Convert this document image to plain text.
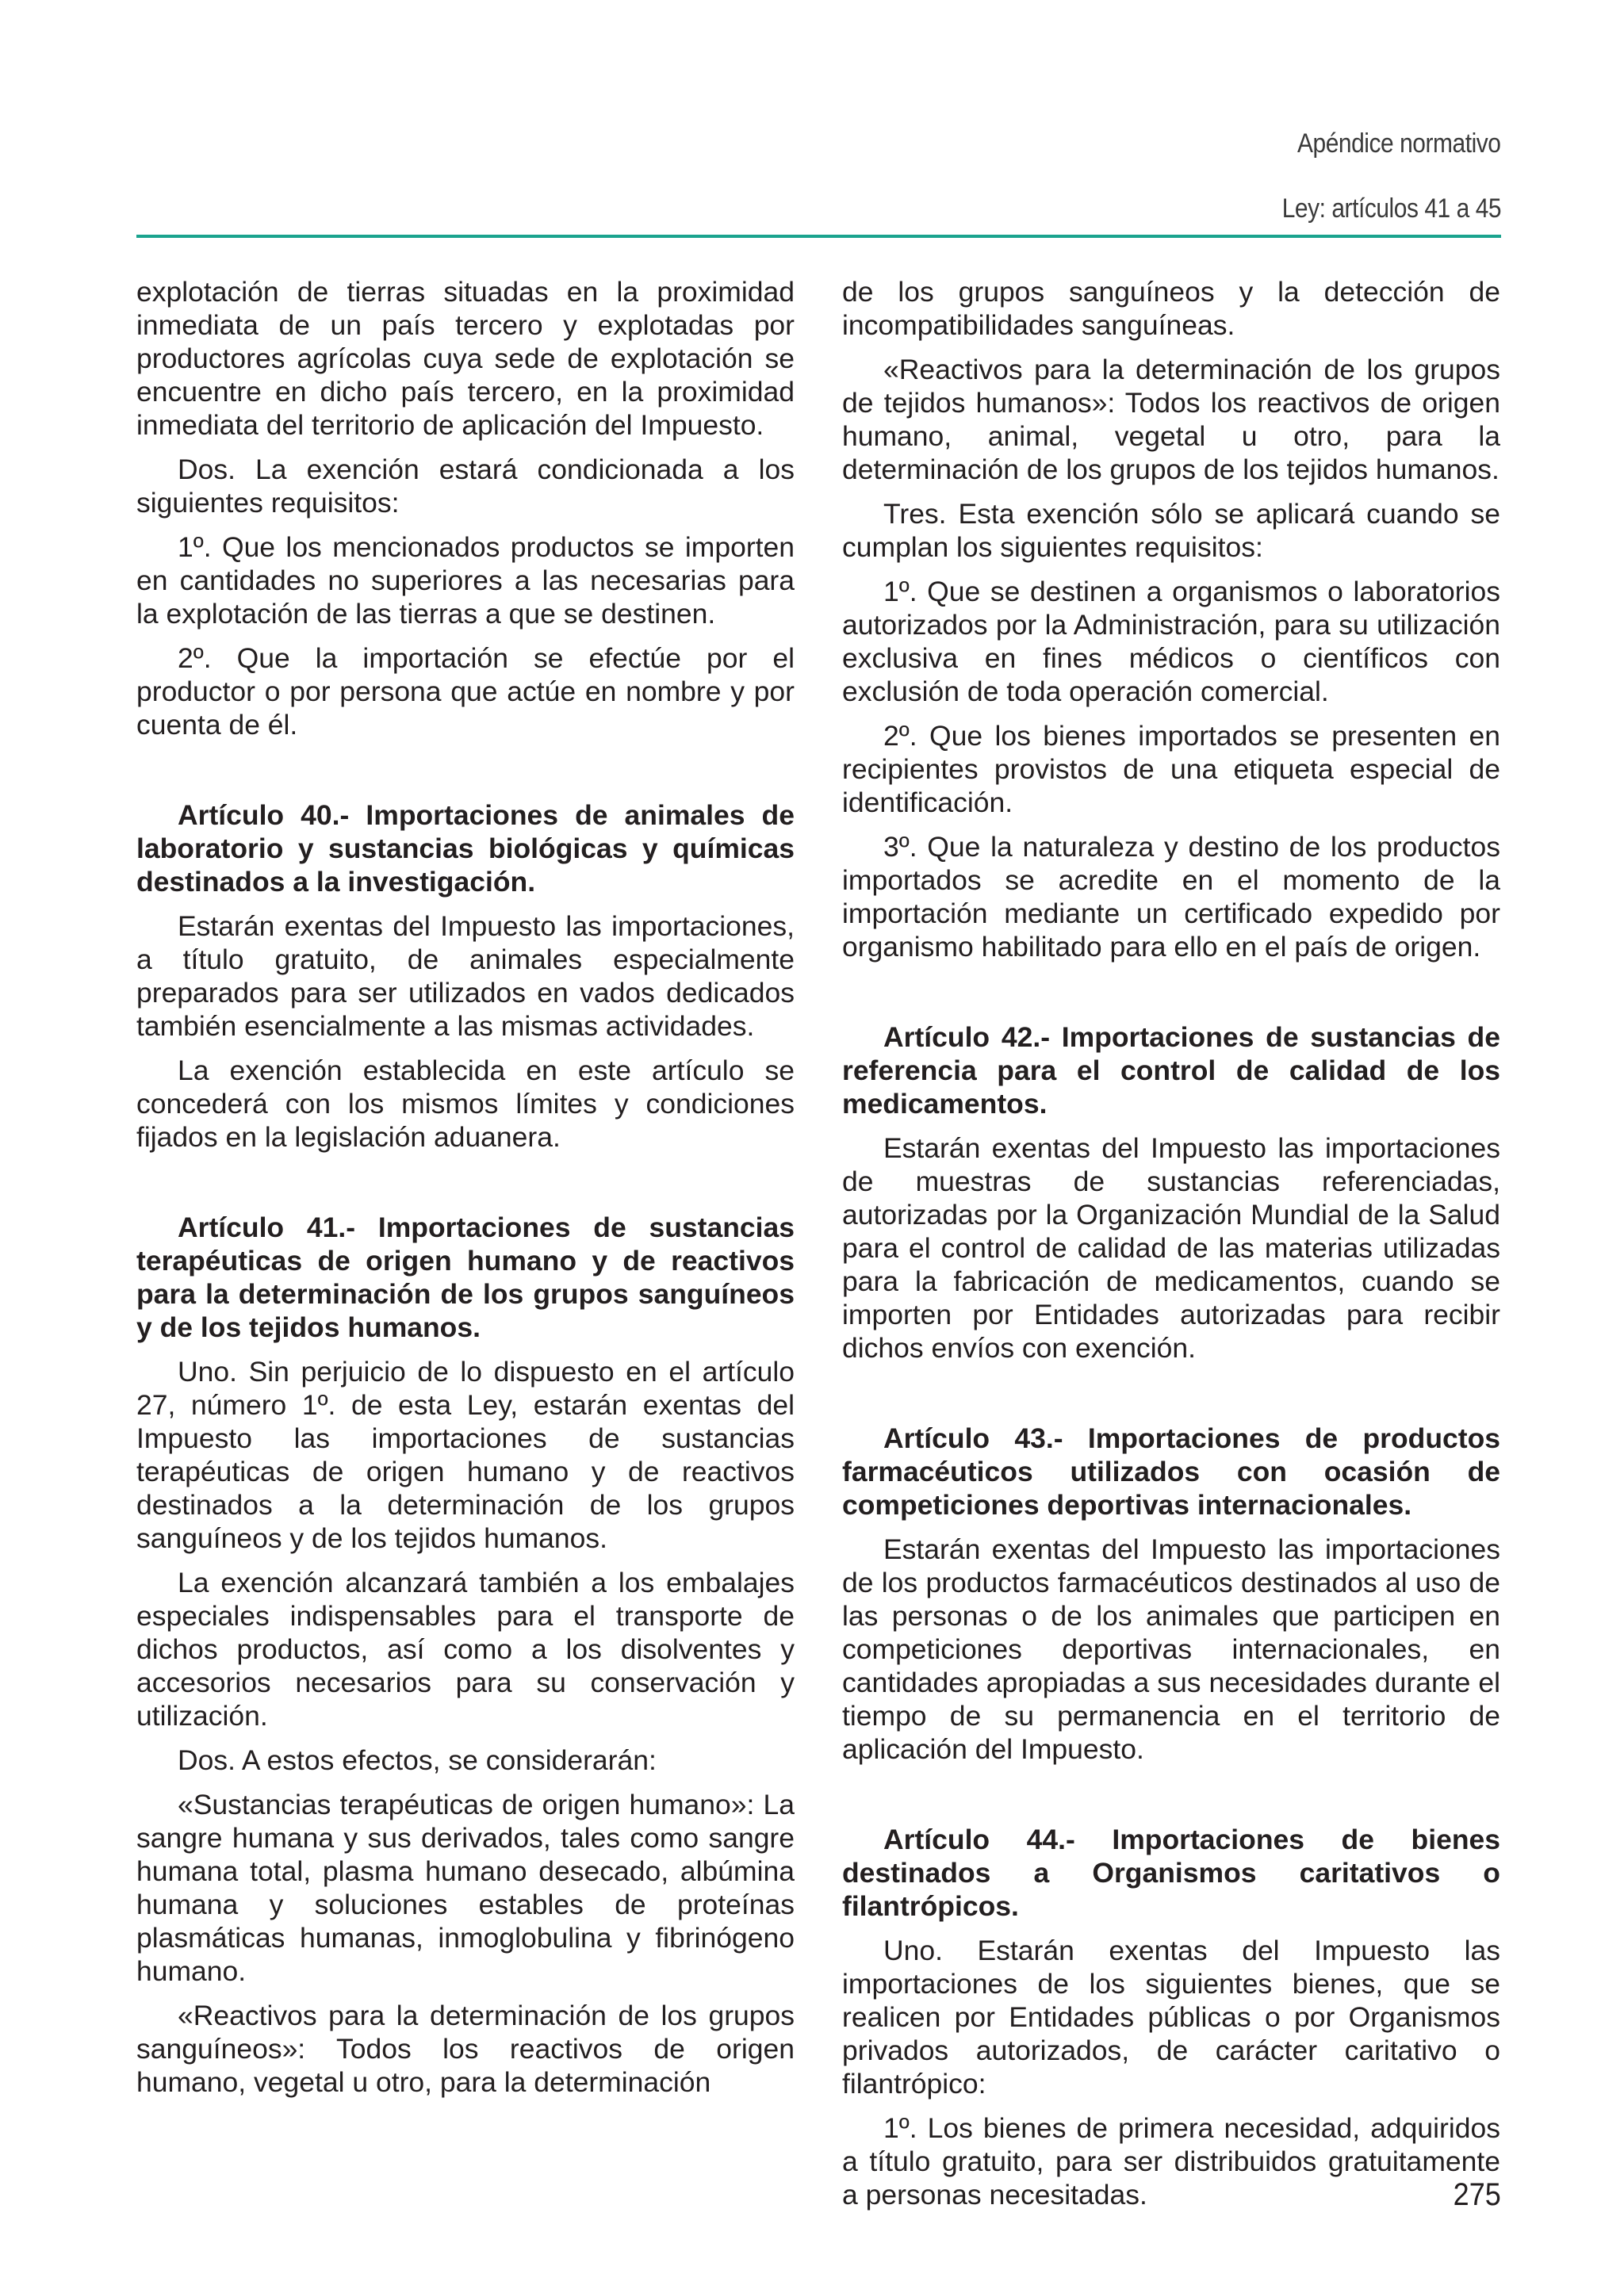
Apéndice normativo
Ley: artículos 41 a 45

explotación de tierras situadas en la proximidad inmediata de un país tercero y explotadas por productores agrícolas cuya sede de explotación se encuentre en dicho país tercero, en la proximidad inmediata del territorio de aplicación del Impuesto.

Dos. La exención estará condicionada a los siguientes requisitos:

1º. Que los mencionados productos se importen en cantidades no superiores a las necesarias para la explotación de las tierras a que se destinen.

2º. Que la importación se efectúe por el productor o por persona que actúe en nombre y por cuenta de él.

Artículo 40.- Importaciones de animales de laboratorio y sustancias biológicas y químicas destinados a la investigación.

Estarán exentas del Impuesto las importaciones, a título gratuito, de animales especialmente preparados para ser utilizados en vados dedicados también esencialmente a las mismas actividades.

La exención establecida en este artículo se concederá con los mismos límites y condiciones fijados en la legislación aduanera.

Artículo 41.- Importaciones de sustancias terapéuticas de origen humano y de reactivos para la determinación de los grupos sanguíneos y de los tejidos humanos.

Uno. Sin perjuicio de lo dispuesto en el artículo 27, número 1º. de esta Ley, estarán exentas del Impuesto las importaciones de sustancias terapéuticas de origen humano y de reactivos destinados a la determinación de los grupos sanguíneos y de los tejidos humanos.

La exención alcanzará también a los embalajes especiales indispensables para el transporte de dichos productos, así como a los disolventes y accesorios necesarios para su conservación y utilización.

Dos. A estos efectos, se considerarán:

«Sustancias terapéuticas de origen humano»: La sangre humana y sus derivados, tales como sangre humana total, plasma humano desecado, albúmina humana y soluciones estables de proteínas plasmáticas humanas, inmoglobulina y fibrinógeno humano.

«Reactivos para la determinación de los grupos sanguíneos»: Todos los reactivos de origen humano, vegetal u otro, para la determinación

de los grupos sanguíneos y la detección de incompatibilidades sanguíneas.

«Reactivos para la determinación de los grupos de tejidos humanos»: Todos los reactivos de origen humano, animal, vegetal u otro, para la determinación de los grupos de los tejidos humanos.

Tres. Esta exención sólo se aplicará cuando se cumplan los siguientes requisitos:

1º. Que se destinen a organismos o laboratorios autorizados por la Administración, para su utilización exclusiva en fines médicos o científicos con exclusión de toda operación comercial.

2º. Que los bienes importados se presenten en recipientes provistos de una etiqueta especial de identificación.

3º. Que la naturaleza y destino de los productos importados se acredite en el momento de la importación mediante un certificado expedido por organismo habilitado para ello en el país de origen.

Artículo 42.- Importaciones de sustancias de referencia para el control de calidad de los medicamentos.

Estarán exentas del Impuesto las importaciones de muestras de sustancias referenciadas, autorizadas por la Organización Mundial de la Salud para el control de calidad de las materias utilizadas para la fabricación de medicamentos, cuando se importen por Entidades autorizadas para recibir dichos envíos con exención.

Artículo 43.- Importaciones de productos farmacéuticos utilizados con ocasión de competiciones deportivas internacionales.

Estarán exentas del Impuesto las importaciones de los productos farmacéuticos destinados al uso de las personas o de los animales que participen en competiciones deportivas internacionales, en cantidades apropiadas a sus necesidades durante el tiempo de su permanencia en el territorio de aplicación del Impuesto.

Artículo 44.- Importaciones de bienes destinados a Organismos caritativos o filantrópicos.

Uno. Estarán exentas del Impuesto las importaciones de los siguientes bienes, que se realicen por Entidades públicas o por Organismos privados autorizados, de carácter caritativo o filantrópico:

1º. Los bienes de primera necesidad, adquiridos a título gratuito, para ser distribuidos gratuitamente a personas necesitadas.	275
